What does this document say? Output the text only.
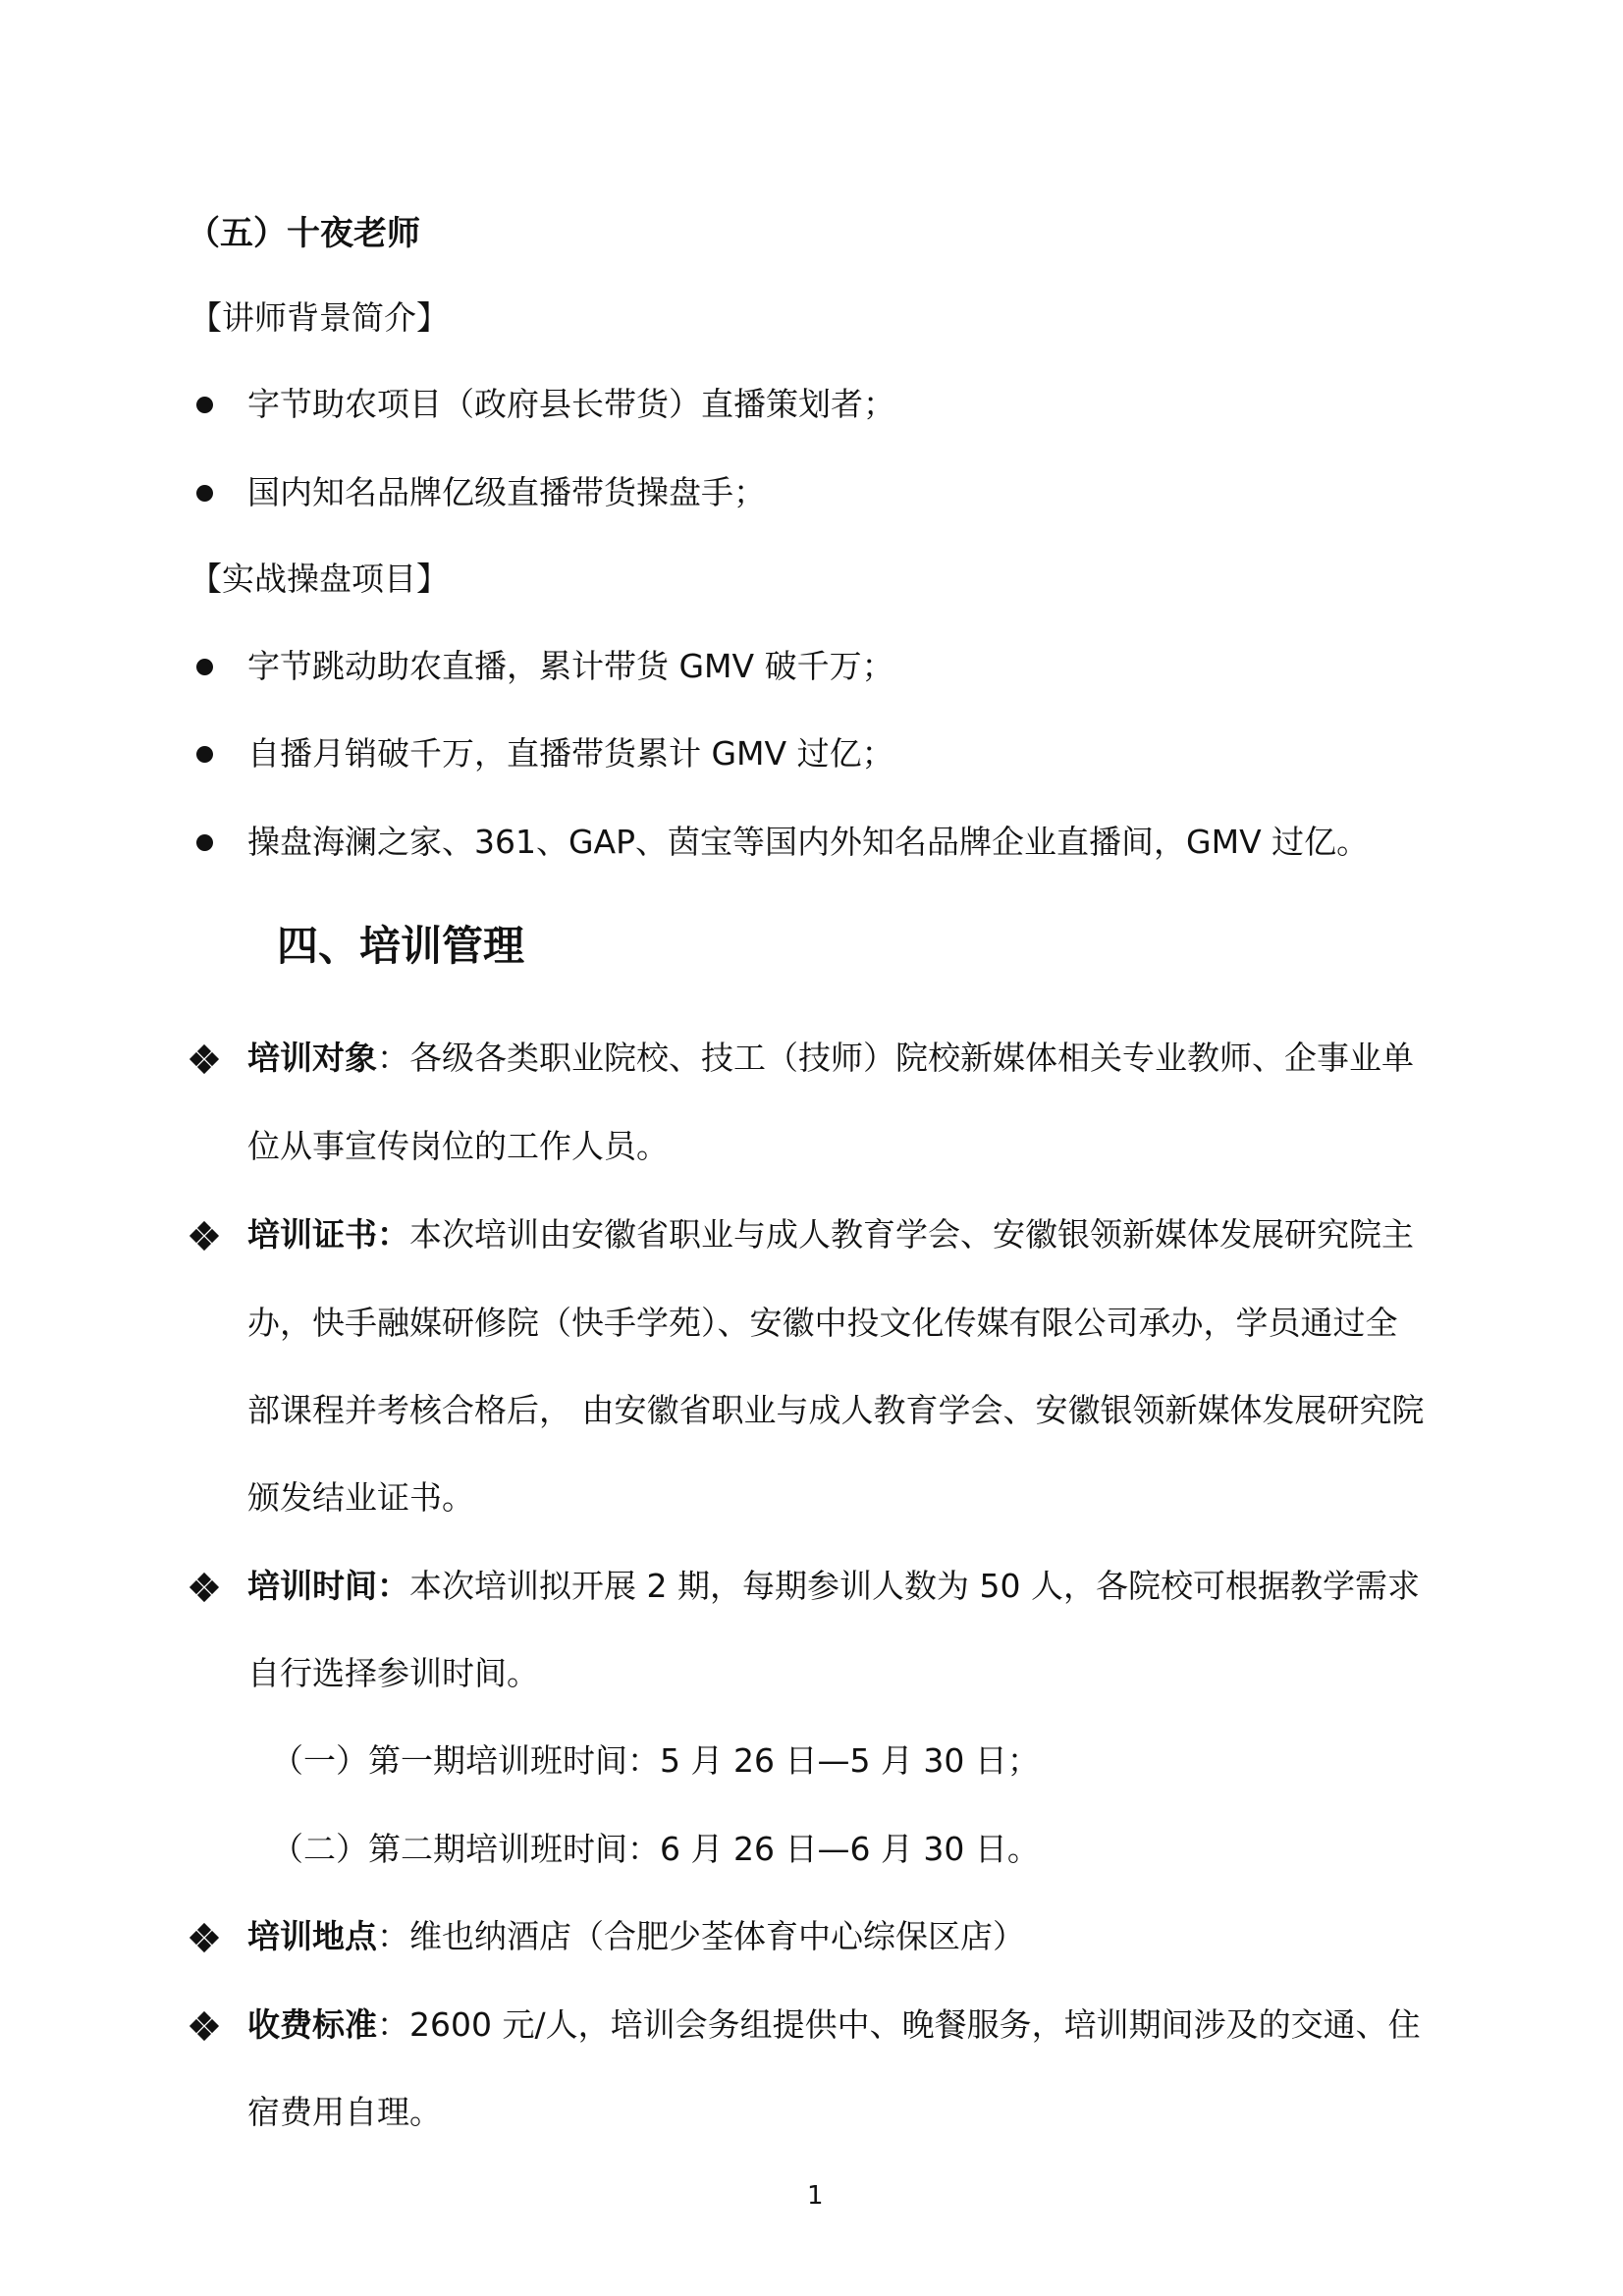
（五）十夜老师
【讲师背景简介】
字节助农项目（政府县长带货）直播策划者；
国内知名品牌亿级直播带货操盘手；
【实战操盘项目】
字节跳动助农直播，累计带货 GMV 破千万；
自播月销破千万，直播带货累计 GMV 过亿；
操盘海澜之家、361、GAP、茵宝等国内外知名品牌企业直播间，GMV 过亿。
四、培训管理
培训对象：各级各类职业院校、技工（技师）院校新媒体相关专业教师、企事业单
位从事宣传岗位的工作人员。
培训证书：本次培训由安徽省职业与成人教育学会、安徽银领新媒体发展研究院主
办，快手融媒研修院（快手学苑）、安徽中投文化传媒有限公司承办，学员通过全
部课程并考核合格后， 由安徽省职业与成人教育学会、安徽银领新媒体发展研究院
颁发结业证书。
培训时间：本次培训拟开展 2 期，每期参训人数为 50 人，各院校可根据教学需求
自行选择参训时间。
（一）第一期培训班时间：5 月 26 日—5 月 30 日；
（二）第二期培训班时间：6 月 26 日—6 月 30 日。
培训地点：维也纳酒店（合肥少荃体育中心综保区店）
收费标准：2600 元/人，培训会务组提供中、晚餐服务，培训期间涉及的交通、住
宿费用自理。
1
